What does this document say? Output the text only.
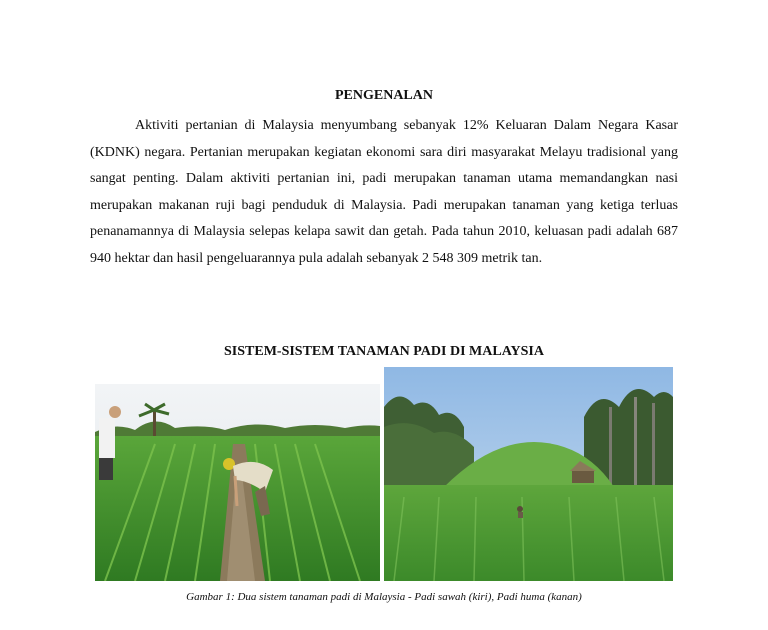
PENGENALAN

Aktiviti pertanian di Malaysia menyumbang sebanyak 12% Keluaran Dalam Negara Kasar (KDNK) negara. Pertanian merupakan kegiatan ekonomi sara diri masyarakat Melayu tradisional yang sangat penting. Dalam aktiviti pertanian ini, padi merupakan tanaman utama memandangkan nasi merupakan makanan ruji bagi penduduk di Malaysia. Padi merupakan tanaman yang ketiga terluas penanamannya di Malaysia selepas kelapa sawit dan getah. Pada tahun 2010, keluasan padi adalah 687 940 hektar dan hasil pengeluarannya pula adalah sebanyak 2 548 309 metrik tan.

SISTEM-SISTEM TANAMAN PADI DI MALAYSIA

Gambar 1: Dua sistem tanaman padi di Malaysia - Padi sawah (kiri), Padi huma (kanan)
